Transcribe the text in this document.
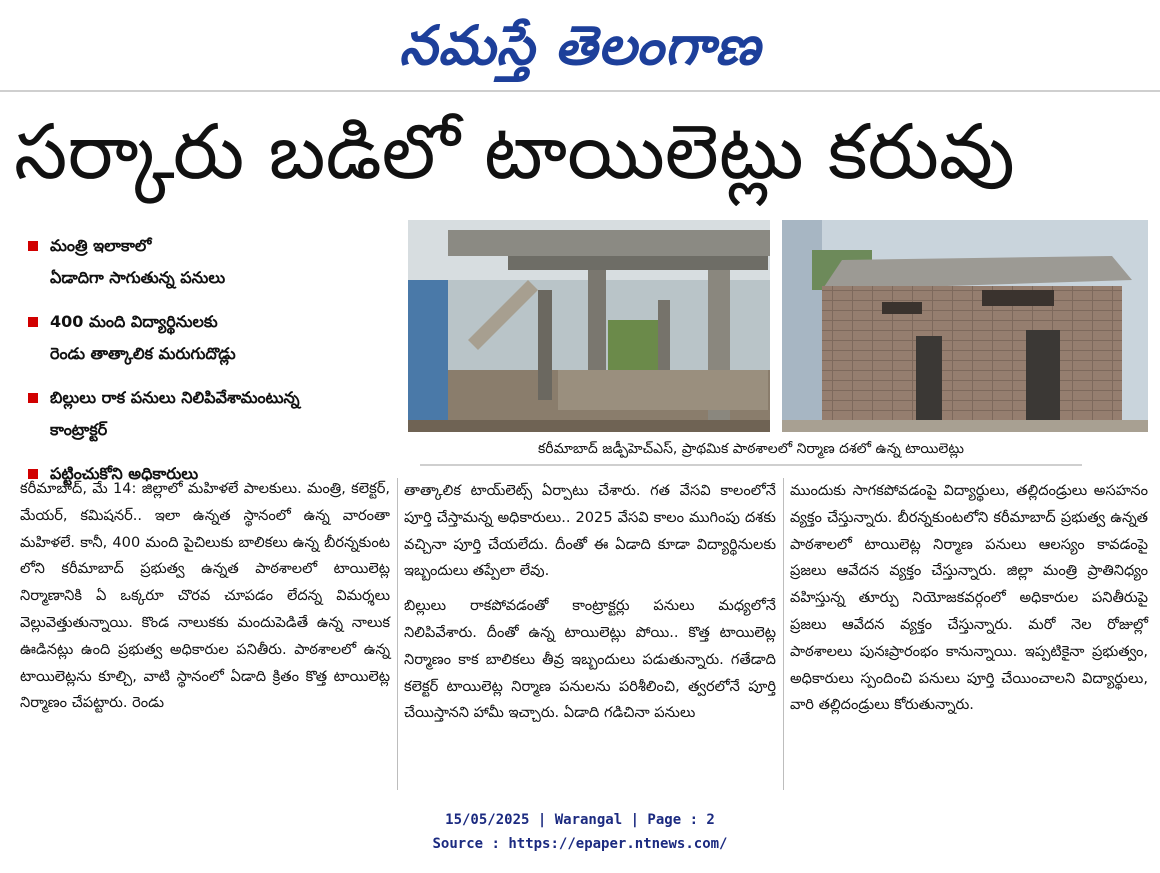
నమస్తే తెలంగాణ
సర్కారు బడిలో టాయిలెట్లు కరువు
మంత్రి ఇలాకాలో
ఏడాదిగా సాగుతున్న పనులు
400 మంది విద్యార్థినులకు
రెండు తాత్కాలిక మరుగుదొడ్లు
బిల్లులు రాక పనులు నిలిపివేశామంటున్న
కాంట్రాక్టర్
పట్టించుకోని అధికారులు
కరీమాబాద్ జడ్పీహెచ్ఎస్, ప్రాథమిక పాఠశాలలో నిర్మాణ దశలో ఉన్న టాయిలెట్లు

కరీమాబాద్, మే 14: జిల్లాలో మహిళలే పాలకులు. మంత్రి, కలెక్టర్, మేయర్, కమిషనర్.. ఇలా ఉన్నత స్థానంలో ఉన్న వారంతా మహిళలే. కానీ, 400 మంది పైచిలుకు బాలికలు ఉన్న బీరన్నకుంట లోని కరీమాబాద్ ప్రభుత్వ ఉన్నత పాఠశాలలో టాయిలెట్ల నిర్మాణానికి ఏ ఒక్కరూ చొరవ చూపడం లేదన్న విమర్శలు వెల్లువెత్తుతున్నాయి. కొండ నాలుకకు మందుపెడితే ఉన్న నాలుక ఊడినట్లు ఉంది ప్రభుత్వ అధికారుల పనితీరు. పాఠశాలలో ఉన్న టాయిలెట్లను కూల్చి, వాటి స్థానంలో ఏడాది క్రితం కొత్త టాయిలెట్ల నిర్మాణం చేపట్టారు. రెండు

తాత్కాలిక టాయ్‌లెట్స్ ఏర్పాటు చేశారు. గత వేసవి కాలంలోనే పూర్తి చేస్తామన్న అధికారులు.. 2025 వేసవి కాలం ముగింపు దశకు వచ్చినా పూర్తి చేయలేదు. దీంతో ఈ ఏడాది కూడా విద్యార్థినులకు ఇబ్బందులు తప్పేలా లేవు.

బిల్లులు రాకపోవడంతో కాంట్రాక్టర్లు పనులు మధ్యలోనే నిలిపివేశారు. దీంతో ఉన్న టాయిలెట్లు పోయి.. కొత్త టాయిలెట్ల నిర్మాణం కాక బాలికలు తీవ్ర ఇబ్బందులు పడుతున్నారు. గతేడాది కలెక్టర్ టాయిలెట్ల నిర్మాణ పనులను పరిశీలించి, త్వరలోనే పూర్తి చేయిస్తానని హామీ ఇచ్చారు. ఏడాది గడిచినా పనులు

ముందుకు సాగకపోవడంపై విద్యార్థులు, తల్లిదండ్రులు అసహనం వ్యక్తం చేస్తున్నారు. బీరన్నకుంటలోని కరీమాబాద్ ప్రభుత్వ ఉన్నత పాఠశాలలో టాయిలెట్ల నిర్మాణ పనులు ఆలస్యం కావడంపై ప్రజలు ఆవేదన వ్యక్తం చేస్తున్నారు. జిల్లా మంత్రి ప్రాతినిధ్యం వహిస్తున్న తూర్పు నియోజకవర్గంలో అధికారుల పనితీరుపై ప్రజలు ఆవేదన వ్యక్తం చేస్తున్నారు. మరో నెల రోజుల్లో పాఠశాలలు పునఃప్రారంభం కానున్నాయి. ఇప్పటికైనా ప్రభుత్వం, అధికారులు స్పందించి పనులు పూర్తి చేయించాలని విద్యార్థులు, వారి తల్లిదండ్రులు కోరుతున్నారు.

15/05/2025 | Warangal | Page : 2
Source : https://epaper.ntnews.com/
